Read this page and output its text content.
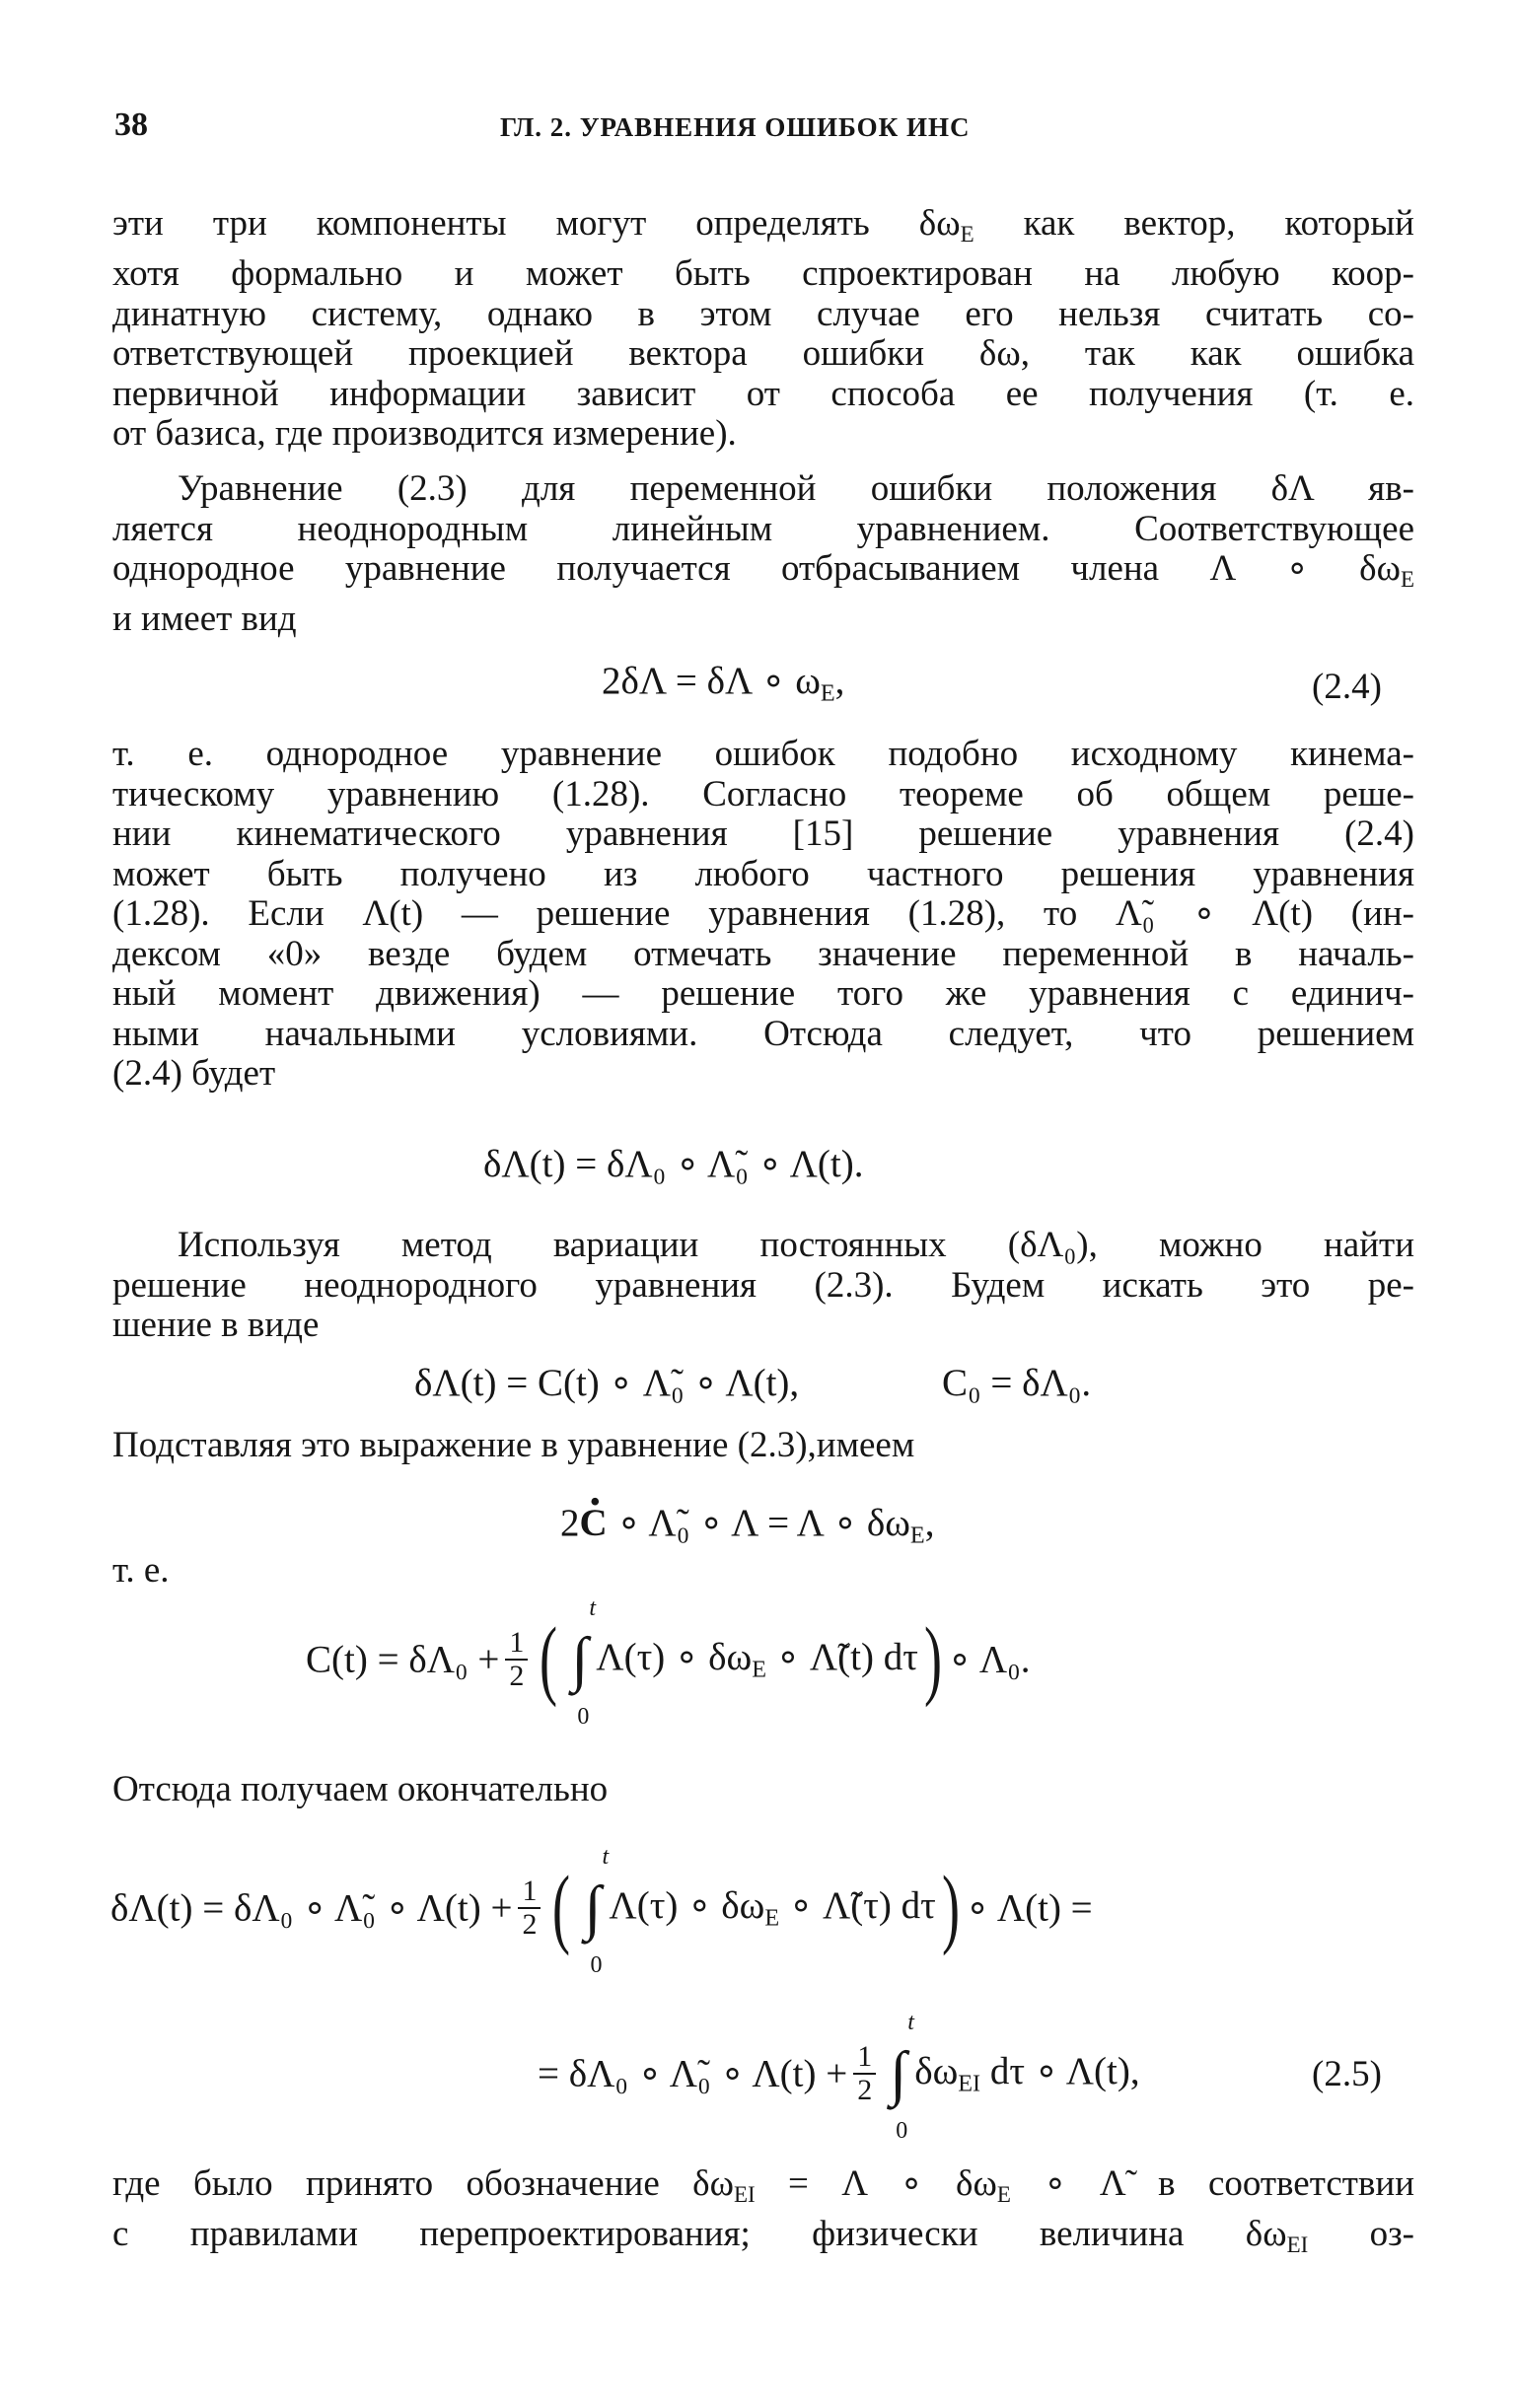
38	ГЛ. 2. УРАВНЕНИЯ ОШИБОК ИНС
эти три компоненты могут определять $\delta\omega_E$ как вектор, который
хотя формально и может быть спроектирован на любую коор-
динатную систему, однако в этом случае его нельзя считать со-
ответствующей проекцией вектора ошибки δω, так как ошибка
первичной информации зависит от способа ее получения (т. е.
от базиса, где производится измерение).
Уравнение (2.3) для переменной ошибки положения δΛ яв-
ляется неоднородным линейным уравнением. Соответствующее
однородное уравнение получается отбрасыванием члена Λ ∘ $\delta\omega_E$
и имеет вид
2δΛ = δΛ ∘ $\omega_E$,	(2.4)
т. е. однородное уравнение ошибок подобно исходному кинема-
тическому уравнению (1.28). Согласно теореме об общем реше-
нии кинематического уравнения [15] решение уравнения (2.4)
может быть получено из любого частного решения уравнения
(1.28). Если Λ(t) — решение уравнения (1.28), то Λ̃₀ ∘ Λ(t) (ин-
дексом «0» везде будем отмечать значение переменной в началь-
ный момент движения) — решение того же уравнения с единич-
ными начальными условиями. Отсюда следует, что решением
(2.4) будет
δΛ(t) = δΛ₀ ∘ Λ̃₀ ∘ Λ(t).
Используя метод вариации постоянных (δΛ₀), можно найти
решение неоднородного уравнения (2.3). Будем искать это ре-
шение в виде
δΛ(t) = C(t) ∘ Λ̃₀ ∘ Λ(t),	C₀ = δΛ₀.
Подставляя это выражение в уравнение (2.3),имеем
2· C ∘ Λ̃₀ ∘ Λ = Λ ∘ $\delta\omega_E$,
т. е.
$C(t) = \delta\Lambda_0 + \frac{1}{2}$ ( ∫
t
0
Λ(τ) ∘ $\delta\omega_E$ ∘ Λ̃(t) dτ) ∘ Λ₀.
Отсюда получаем окончательно
δΛ(t) = δΛ₀ ∘ Λ̃₀ ∘ $\Lambda(t) + \frac{1}{2}$ ( ∫
t
0
Λ(τ) ∘ $\delta\omega_E$ ∘ Λ̃(τ) dτ) ∘ Λ(t) =
= δΛ₀ ∘ Λ̃₀ ∘ $\Lambda(t) + \frac{1}{2}$ ∫
t
0
$\delta\omega_{EI}$ dτ ∘ Λ(t),	(2.5)
где было принято обозначение $\delta\omega_{EI} = \Lambda$ ∘ $\delta\omega_E$ ∘ Λ̃ в соответствии
с правилами перепроектирования; физически величина $\delta\omega_{EI}$ оз-
